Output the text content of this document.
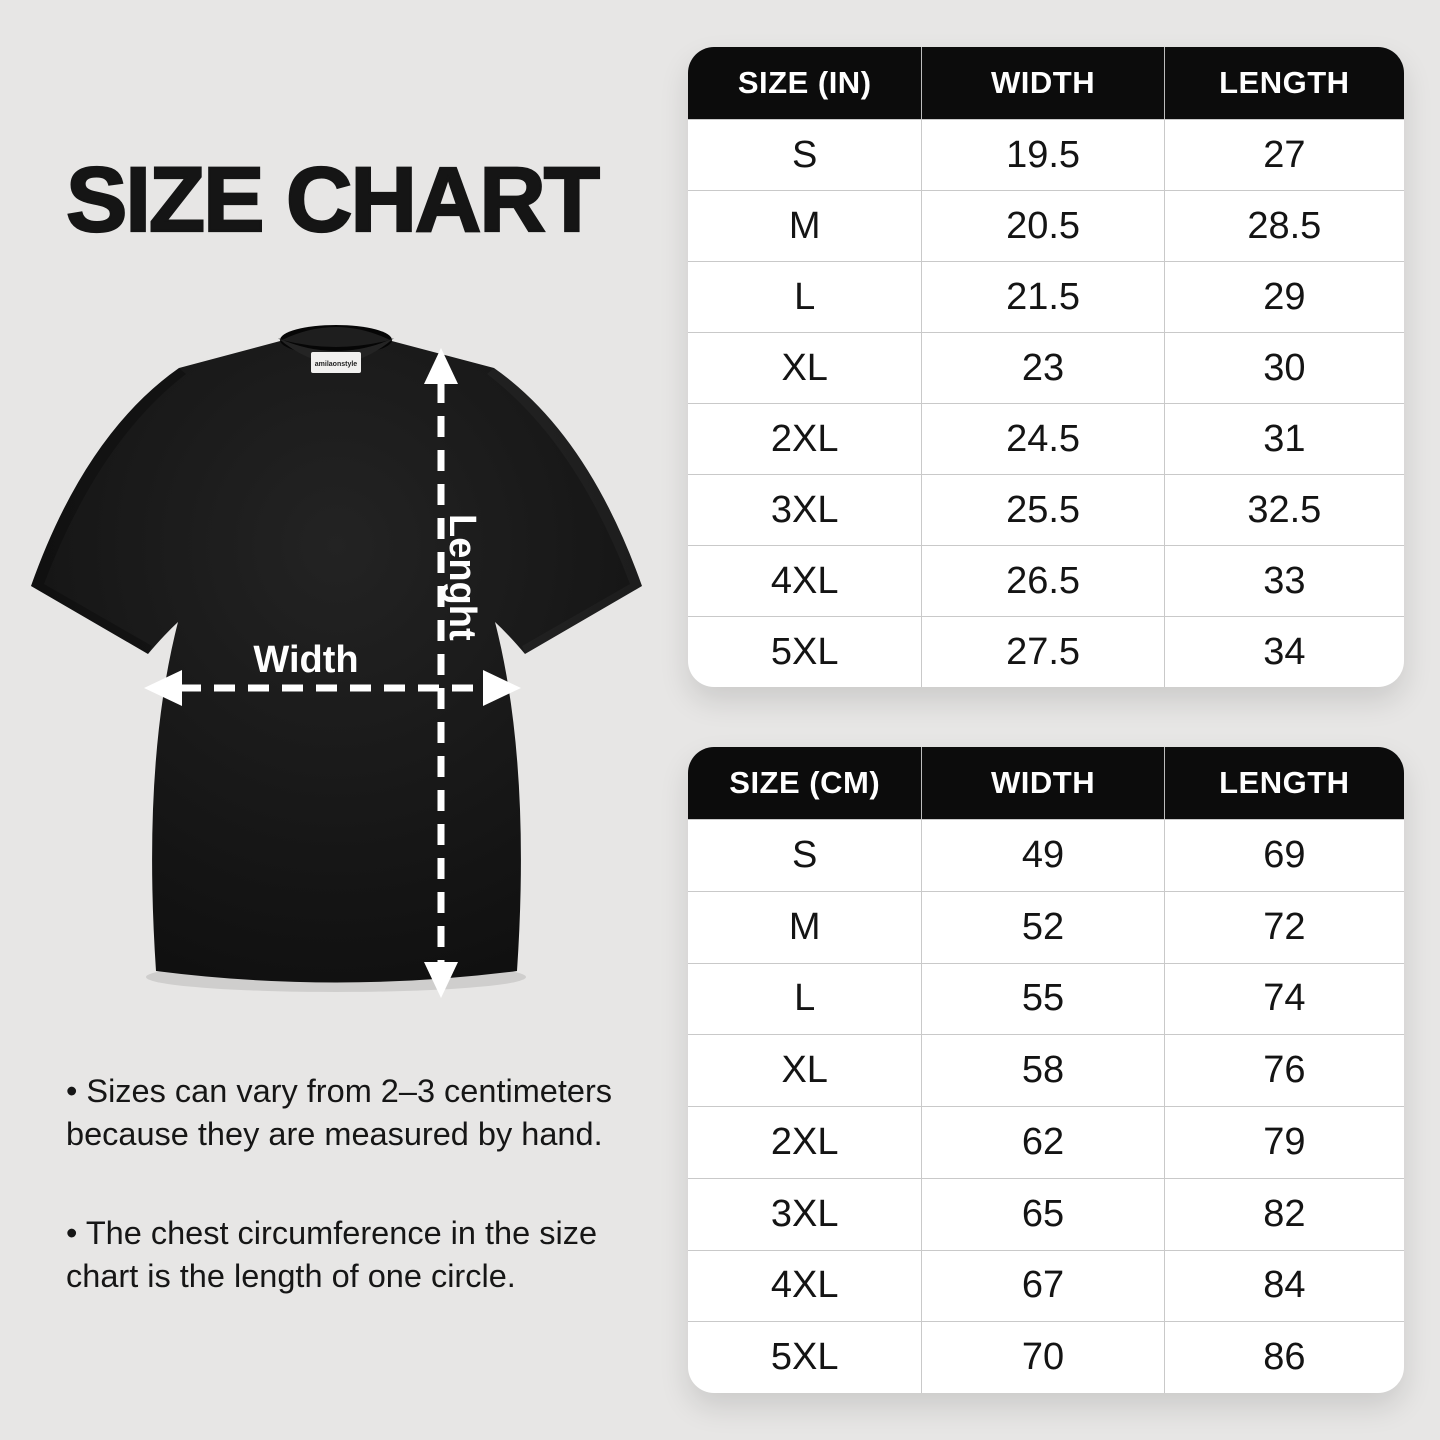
SIZE CHART
amilaonstyle
Width
Lenght
SIZE (IN)	WIDTH	LENGTH
S	19.5	27
M	20.5	28.5
L	21.5	29
XL	23	30
2XL	24.5	31
3XL	25.5	32.5
4XL	26.5	33
5XL	27.5	34
SIZE (CM)	WIDTH	LENGTH
S	49	69
M	52	72
L	55	74
XL	58	76
2XL	62	79
3XL	65	82
4XL	67	84
5XL	70	86

• Sizes can vary from 2–3 centimeters because they are measured by hand.

• The chest circumference in the size chart is the length of one circle.
